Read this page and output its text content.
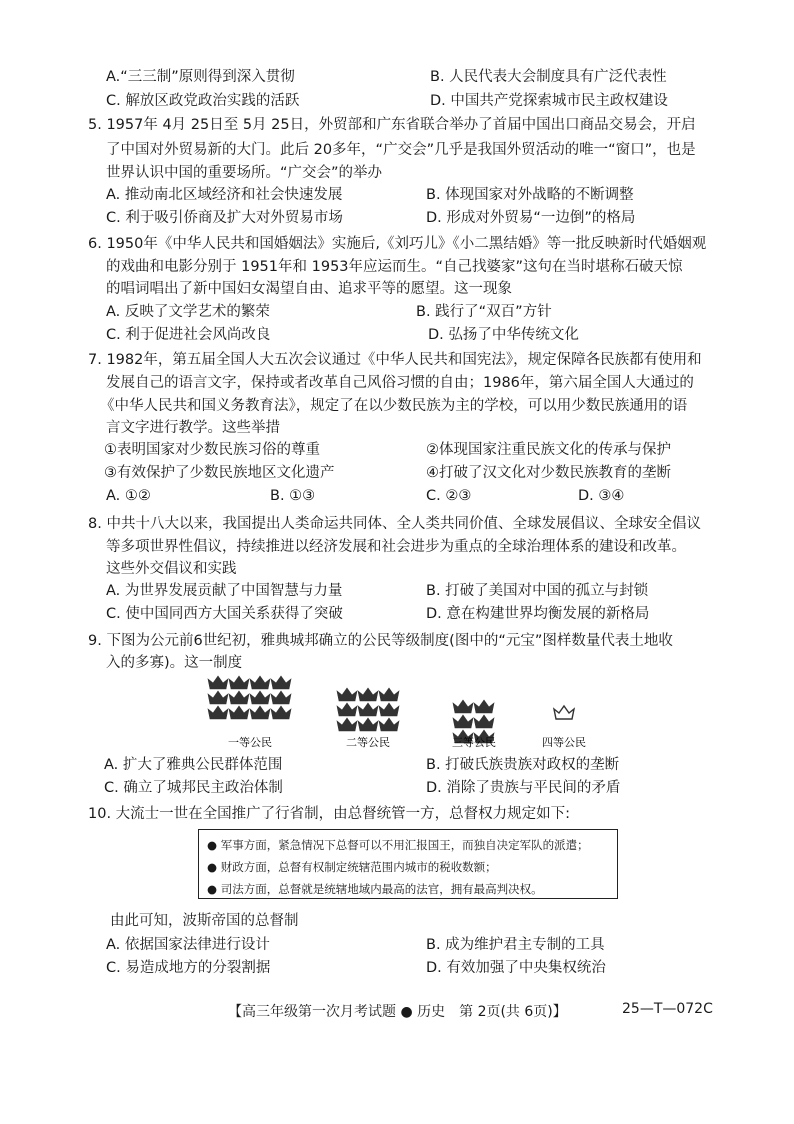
A.“三三制”原则得到深入贯彻	B. 人民代表大会制度具有广泛代表性
C. 解放区政党政治实践的活跃	D. 中国共产党探索城市民主政权建设
5. 1957年 4月 25日至 5月 25日，外贸部和广东省联合举办了首届中国出口商品交易会，开启
了中国对外贸易新的大门。此后 20多年，“广交会”几乎是我国外贸活动的唯一“窗口”，也是
世界认识中国的重要场所。“广交会”的举办
A. 推动南北区域经济和社会快速发展	B. 体现国家对外战略的不断调整
C. 利于吸引侨商及扩大对外贸易市场	D. 形成对外贸易“一边倒”的格局
6. 1950年《中华人民共和国婚姻法》实施后,《刘巧儿》《小二黑结婚》等一批反映新时代婚姻观
的戏曲和电影分别于 1951年和 1953年应运而生。“自己找婆家”这句在当时堪称石破天惊
的唱词唱出了新中国妇女渴望自由、追求平等的愿望。这一现象
A. 反映了文学艺术的繁荣	B. 践行了“双百”方针
C. 利于促进社会风尚改良	D. 弘扬了中华传统文化
7. 1982年，第五届全国人大五次会议通过《中华人民共和国宪法》，规定保障各民族都有使用和
发展自己的语言文字，保持或者改革自己风俗习惯的自由；1986年，第六届全国人大通过的
《中华人民共和国义务教育法》，规定了在以少数民族为主的学校，可以用少数民族通用的语
言文字进行教学。这些举措
①表明国家对少数民族习俗的尊重	②体现国家注重民族文化的传承与保护
③有效保护了少数民族地区文化遗产	④打破了汉文化对少数民族教育的垄断
A. ①②	B. ①③	C. ②③	D. ③④
8. 中共十八大以来，我国提出人类命运共同体、全人类共同价值、全球发展倡议、全球安全倡议
等多项世界性倡议，持续推进以经济发展和社会进步为重点的全球治理体系的建设和改革。
这些外交倡议和实践
A. 为世界发展贡献了中国智慧与力量	B. 打破了美国对中国的孤立与封锁
C. 使中国同西方大国关系获得了突破	D. 意在构建世界均衡发展的新格局
9. 下图为公元前6世纪初，雅典城邦确立的公民等级制度(图中的“元宝”图样数量代表土地收
入的多寡)。这一制度
一等公民	二等公民	三等公民	四等公民
A. 扩大了雅典公民群体范围	B. 打破氏族贵族对政权的垄断
C. 确立了城邦民主政治体制	D. 消除了贵族与平民间的矛盾
10. 大流士一世在全国推广了行省制，由总督统管一方，总督权力规定如下:
● 军事方面，紧急情况下总督可以不用汇报国王，而独自决定军队的派遣；
● 财政方面，总督有权制定统辖范围内城市的税收数额；
● 司法方面，总督就是统辖地域内最高的法官，拥有最高判决权。
由此可知，波斯帝国的总督制
A. 依据国家法律进行设计	B. 成为维护君主专制的工具
C. 易造成地方的分裂割据	D. 有效加强了中央集权统治
【高三年级第一次月考试题 ● 历史　第 2页(共 6页)】	25—T—072C
